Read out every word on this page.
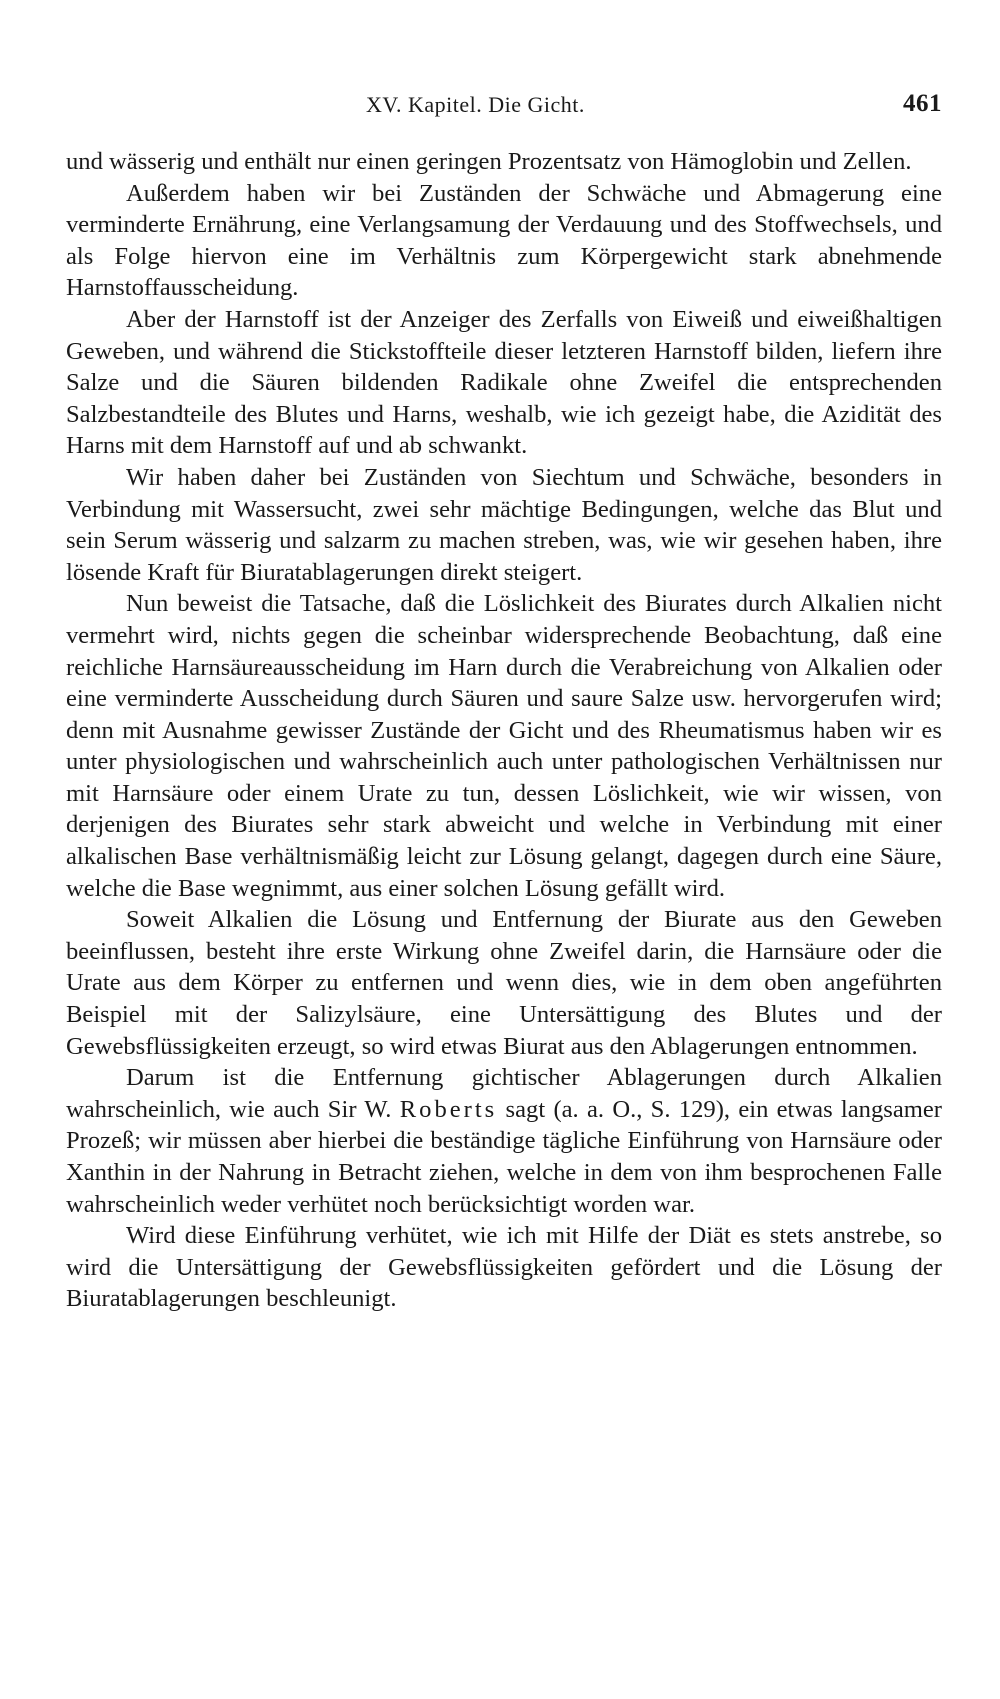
XV. Kapitel. Die Gicht.	461

und wässerig und enthält nur einen geringen Prozentsatz von Hämoglobin und Zellen.

Außerdem haben wir bei Zuständen der Schwäche und Abmagerung eine verminderte Ernährung, eine Verlangsamung der Verdauung und des Stoffwechsels, und als Folge hiervon eine im Verhältnis zum Körpergewicht stark abnehmende Harnstoffausscheidung.

Aber der Harnstoff ist der Anzeiger des Zerfalls von Eiweiß und eiweißhaltigen Geweben, und während die Stickstoffteile dieser letzteren Harnstoff bilden, liefern ihre Salze und die Säuren bildenden Radikale ohne Zweifel die entsprechenden Salzbestandteile des Blutes und Harns, weshalb, wie ich gezeigt habe, die Azidität des Harns mit dem Harnstoff auf und ab schwankt.

Wir haben daher bei Zuständen von Siechtum und Schwäche, besonders in Verbindung mit Wassersucht, zwei sehr mächtige Bedingungen, welche das Blut und sein Serum wässerig und salzarm zu machen streben, was, wie wir gesehen haben, ihre lösende Kraft für Biuratablagerungen direkt steigert.

Nun beweist die Tatsache, daß die Löslichkeit des Biurates durch Alkalien nicht vermehrt wird, nichts gegen die scheinbar widersprechende Beobachtung, daß eine reichliche Harnsäureausscheidung im Harn durch die Verabreichung von Alkalien oder eine verminderte Ausscheidung durch Säuren und saure Salze usw. hervorgerufen wird; denn mit Ausnahme gewisser Zustände der Gicht und des Rheumatismus haben wir es unter physiologischen und wahrscheinlich auch unter pathologischen Verhältnissen nur mit Harnsäure oder einem Urate zu tun, dessen Löslichkeit, wie wir wissen, von derjenigen des Biurates sehr stark abweicht und welche in Verbindung mit einer alkalischen Base verhältnismäßig leicht zur Lösung gelangt, dagegen durch eine Säure, welche die Base wegnimmt, aus einer solchen Lösung gefällt wird.

Soweit Alkalien die Lösung und Entfernung der Biurate aus den Geweben beeinflussen, besteht ihre erste Wirkung ohne Zweifel darin, die Harnsäure oder die Urate aus dem Körper zu entfernen und wenn dies, wie in dem oben angeführten Beispiel mit der Salizylsäure, eine Untersättigung des Blutes und der Gewebsflüssigkeiten erzeugt, so wird etwas Biurat aus den Ablagerungen entnommen.

Darum ist die Entfernung gichtischer Ablagerungen durch Alkalien wahrscheinlich, wie auch Sir W. Roberts sagt (a. a. O., S. 129), ein etwas langsamer Prozeß; wir müssen aber hierbei die beständige tägliche Einführung von Harnsäure oder Xanthin in der Nahrung in Betracht ziehen, welche in dem von ihm besprochenen Falle wahrscheinlich weder verhütet noch berücksichtigt worden war.

Wird diese Einführung verhütet, wie ich mit Hilfe der Diät es stets anstrebe, so wird die Untersättigung der Gewebsflüssigkeiten gefördert und die Lösung der Biuratablagerungen beschleunigt.
